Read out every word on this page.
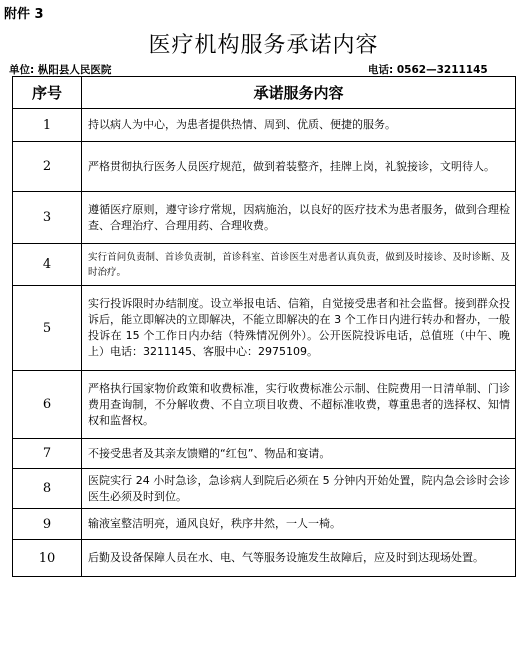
附件 3
医疗机构服务承诺内容
单位: 枞阳县人民医院	电话: 0562—3211145
序号	承诺服务内容
1	持以病人为中心，为患者提供热情、周到、优质、便捷的服务。
2	严格贯彻执行医务人员医疗规范，做到着装整齐，挂牌上岗，礼貌接诊，文明待人。
3	遵循医疗原则，遵守诊疗常规，因病施治，以良好的医疗技术为患者服务，做到合理检查、合理治疗、合理用药、合理收费。
4	实行首问负责制、首诊负责制，首诊科室、首诊医生对患者认真负责，做到及时接诊、及时诊断、及时治疗。
5	实行投诉限时办结制度。设立举报电话、信箱，自觉接受患者和社会监督。接到群众投诉后，能立即解决的立即解决，不能立即解决的在 3 个工作日内进行转办和督办，一般投诉在 15 个工作日内办结（特殊情况例外）。公开医院投诉电话，总值班（中午、晚上）电话：3211145、客服中心：2975109。
6	严格执行国家物价政策和收费标准，实行收费标准公示制、住院费用一日清单制、门诊费用查询制，不分解收费、不自立项目收费、不超标准收费，尊重患者的选择权、知情权和监督权。
7	不接受患者及其亲友馈赠的“红包”、物品和宴请。
8	医院实行 24 小时急诊，急诊病人到院后必须在 5 分钟内开始处置，院内急会诊时会诊医生必须及时到位。
9	输液室整洁明亮，通风良好，秩序井然，一人一椅。
10	后勤及设备保障人员在水、电、气等服务设施发生故障后，应及时到达现场处置。
